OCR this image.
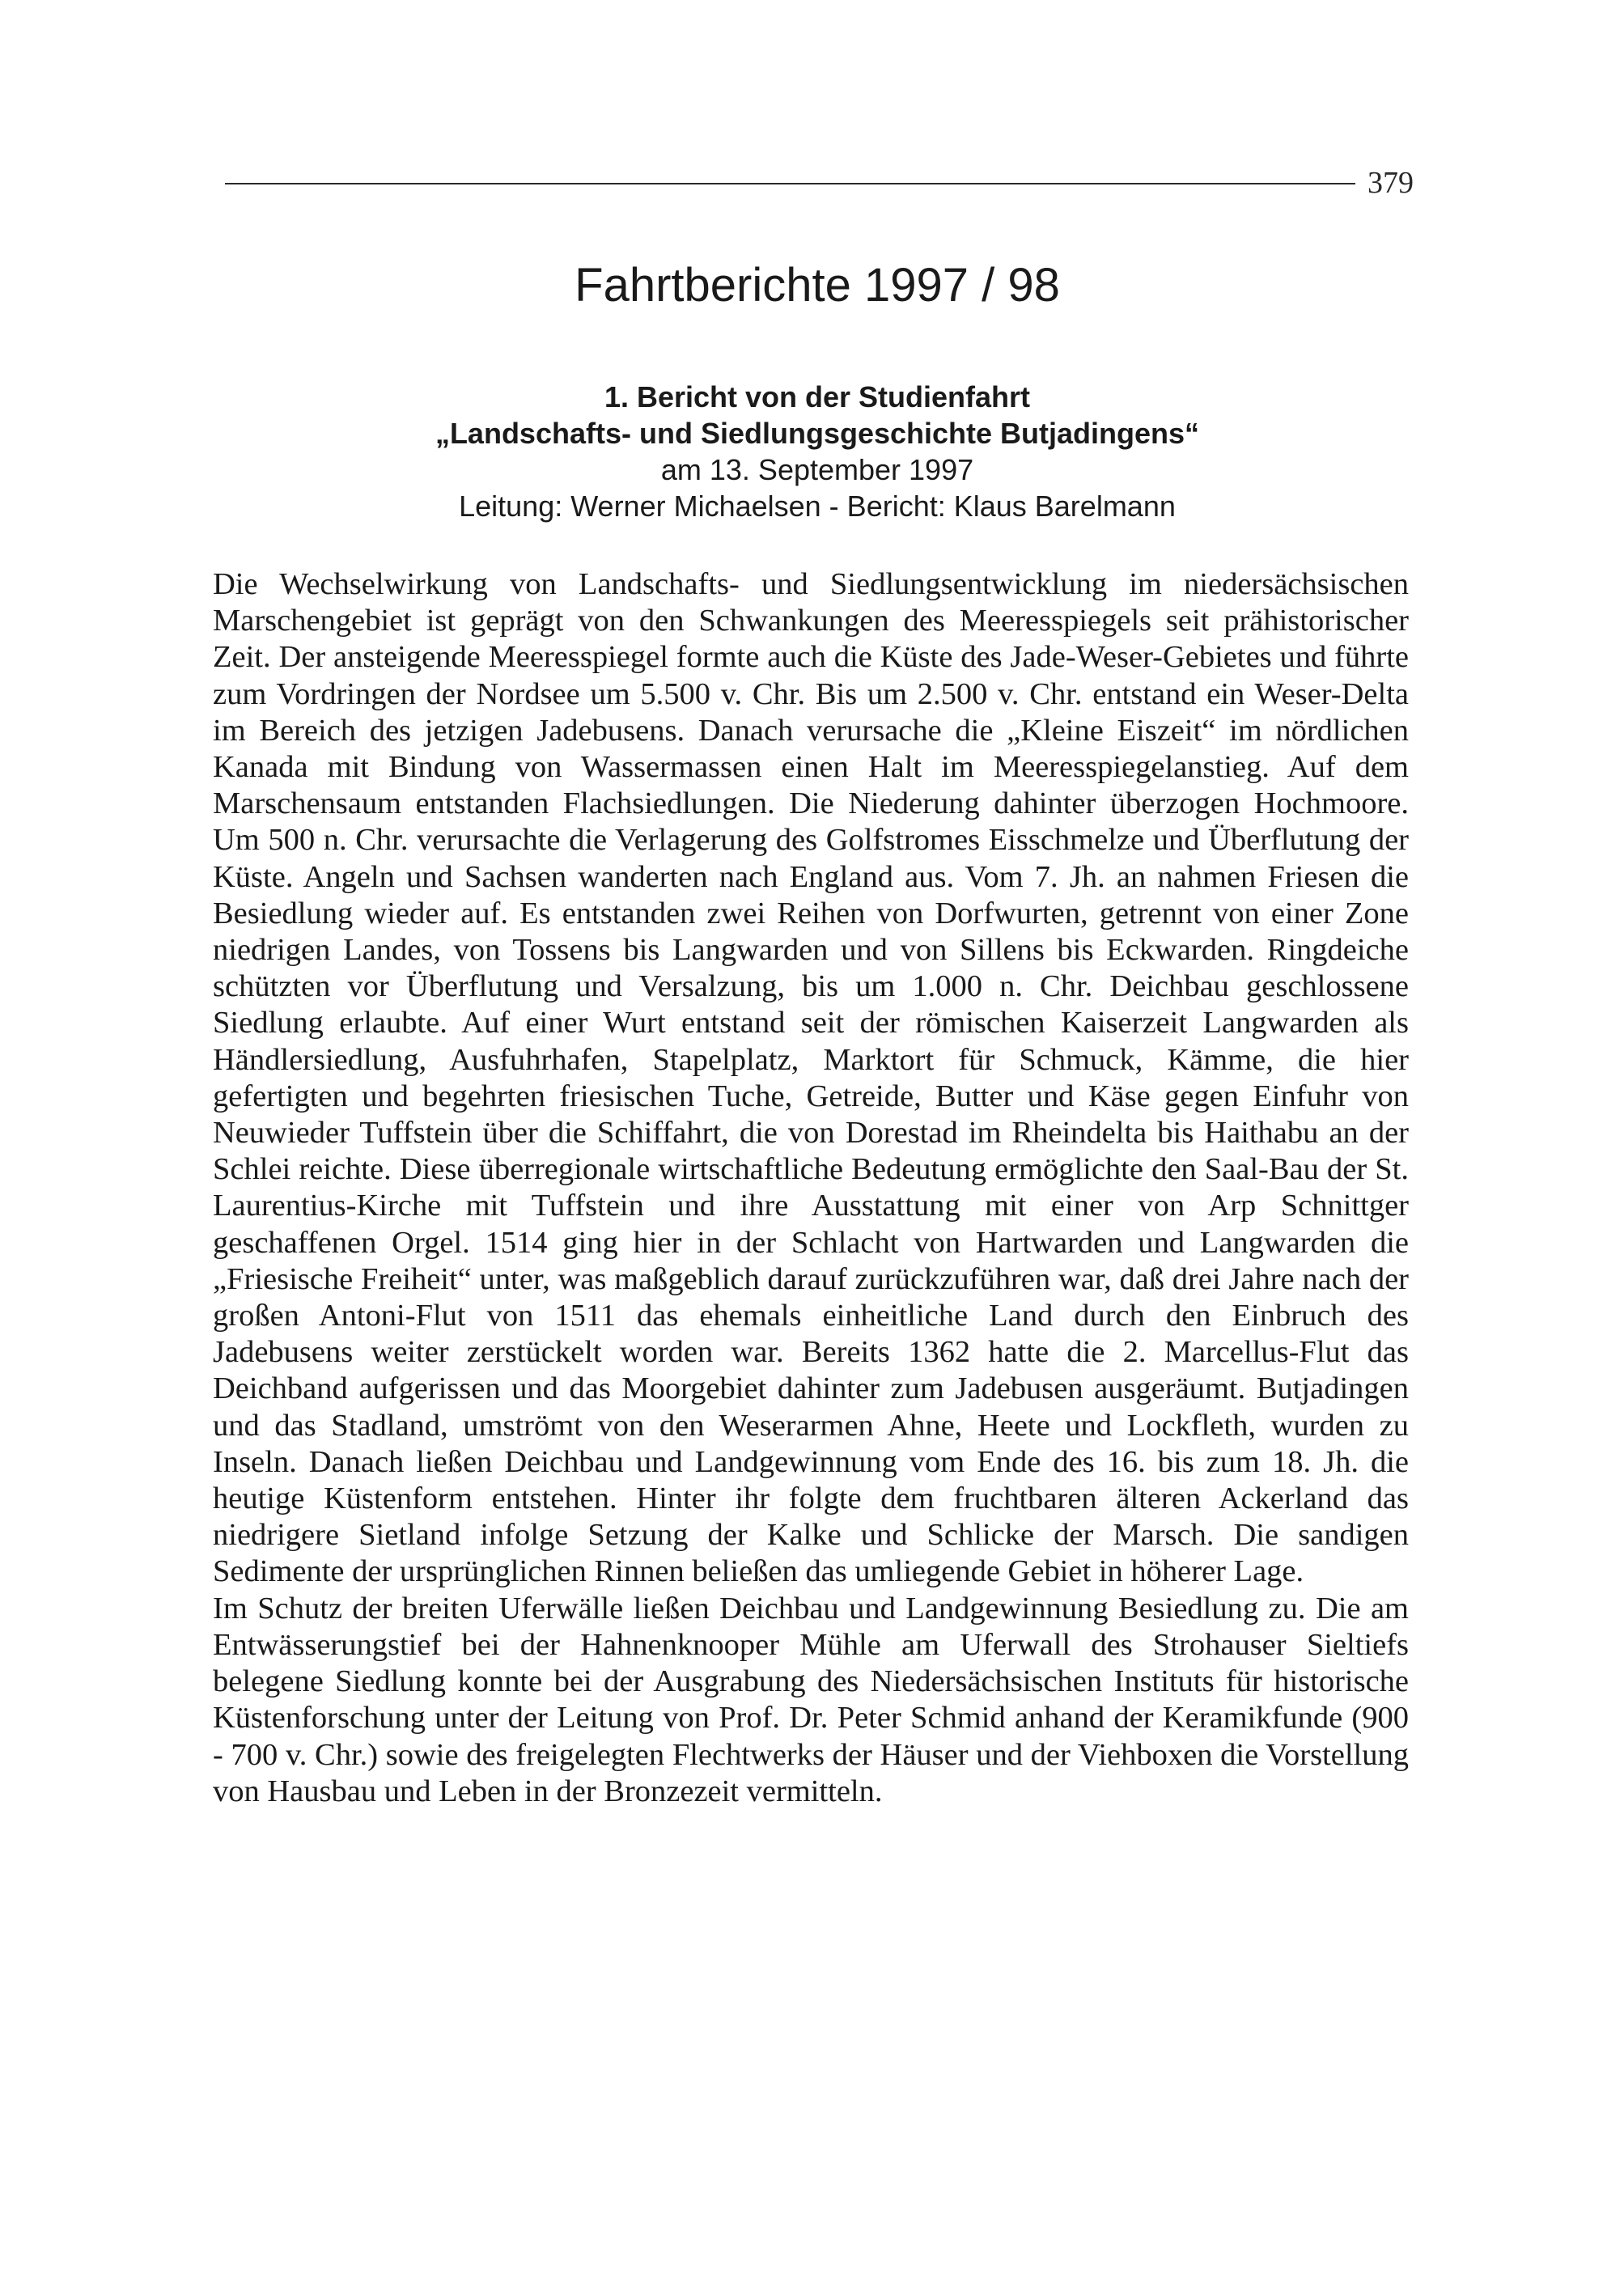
379
Fahrtberichte 1997 / 98
1. Bericht von der Studienfahrt
„Landschafts- und Siedlungsgeschichte Butjadingens“
am 13. September 1997
Leitung: Werner Michaelsen - Bericht: Klaus Barelmann

Die Wechselwirkung von Landschafts- und Siedlungsentwicklung im niedersächsischen Marschengebiet ist geprägt von den Schwankungen des Meeresspiegels seit prähistorischer Zeit. Der ansteigende Meeresspiegel formte auch die Küste des Jade-Weser-Gebietes und führte zum Vordringen der Nordsee um 5.500 v. Chr. Bis um 2.500 v. Chr. entstand ein Weser-Delta im Bereich des jetzigen Jadebusens. Danach verursache die „Kleine Eiszeit“ im nördlichen Kanada mit Bindung von Wassermassen einen Halt im Meeresspiegelanstieg. Auf dem Marschensaum entstanden Flachsiedlungen. Die Niederung dahinter überzogen Hochmoore. Um 500 n. Chr. verursachte die Verlagerung des Golfstromes Eisschmelze und Überflutung der Küste. Angeln und Sachsen wanderten nach England aus. Vom 7. Jh. an nahmen Friesen die Besiedlung wieder auf. Es entstanden zwei Reihen von Dorfwurten, getrennt von einer Zone niedrigen Landes, von Tossens bis Langwarden und von Sillens bis Eckwarden. Ringdeiche schützten vor Überflutung und Versalzung, bis um 1.000 n. Chr. Deichbau geschlossene Siedlung erlaubte. Auf einer Wurt entstand seit der römischen Kaiserzeit Langwarden als Händlersiedlung, Ausfuhrhafen, Stapelplatz, Marktort für Schmuck, Kämme, die hier gefertigten und begehrten friesischen Tuche, Getreide, Butter und Käse gegen Einfuhr von Neuwieder Tuffstein über die Schiffahrt, die von Dorestad im Rheindelta bis Haithabu an der Schlei reichte. Diese überregionale wirtschaftliche Bedeutung ermöglichte den Saal-Bau der St. Laurentius-Kirche mit Tuffstein und ihre Ausstattung mit einer von Arp Schnittger geschaffenen Orgel. 1514 ging hier in der Schlacht von Hartwarden und Langwarden die „Friesische Freiheit“ unter, was maßgeblich darauf zurückzuführen war, daß drei Jahre nach der großen Antoni-Flut von 1511 das ehemals einheitliche Land durch den Einbruch des Jadebusens weiter zerstückelt worden war. Bereits 1362 hatte die 2. Marcellus-Flut das Deichband aufgerissen und das Moorgebiet dahinter zum Jadebusen ausgeräumt. Butjadingen und das Stadland, umströmt von den Weserarmen Ahne, Heete und Lockfleth, wurden zu Inseln. Danach ließen Deichbau und Landgewinnung vom Ende des 16. bis zum 18. Jh. die heutige Küstenform entstehen. Hinter ihr folgte dem fruchtbaren älteren Ackerland das niedrigere Sietland infolge Setzung der Kalke und Schlicke der Marsch. Die sandigen Sedimente der ursprünglichen Rinnen beließen das umliegende Gebiet in höherer Lage.

Im Schutz der breiten Uferwälle ließen Deichbau und Landgewinnung Besiedlung zu. Die am Entwässerungstief bei der Hahnenknooper Mühle am Uferwall des Strohauser Sieltiefs belegene Siedlung konnte bei der Ausgrabung des Niedersächsischen Instituts für historische Küstenforschung unter der Leitung von Prof. Dr. Peter Schmid anhand der Keramikfunde (900 - 700 v. Chr.) sowie des freigelegten Flechtwerks der Häuser und der Viehboxen die Vorstellung von Hausbau und Leben in der Bronzezeit vermitteln.
